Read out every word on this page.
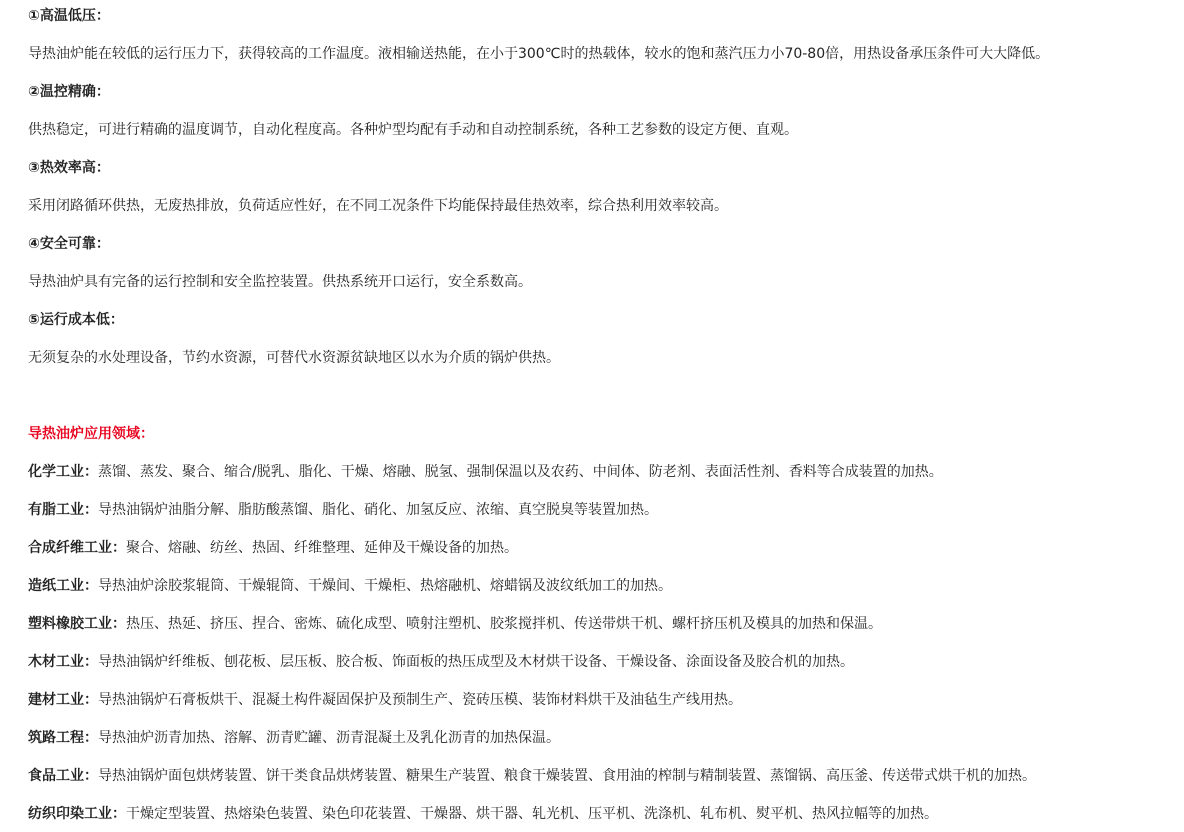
①高温低压：
导热油炉能在较低的运行压力下，获得较高的工作温度。液相输送热能，在小于300℃时的热载体，较水的饱和蒸汽压力小70-80倍，用热设备承压条件可大大降低。
②温控精确：
供热稳定，可进行精确的温度调节，自动化程度高。各种炉型均配有手动和自动控制系统，各种工艺参数的设定方便、直观。
③热效率高：
采用闭路循环供热，无废热排放，负荷适应性好，在不同工况条件下均能保持最佳热效率，综合热利用效率较高。
④安全可靠：
导热油炉具有完备的运行控制和安全监控装置。供热系统开口运行，安全系数高。
⑤运行成本低：
无须复杂的水处理设备，节约水资源，可替代水资源贫缺地区以水为介质的锅炉供热。
导热油炉应用领域：
化学工业：蒸馏、蒸发、聚合、缩合/脱乳、脂化、干燥、熔融、脱氢、强制保温以及农药、中间体、防老剂、表面活性剂、香料等合成装置的加热。
有脂工业：导热油锅炉油脂分解、脂肪酸蒸馏、脂化、硝化、加氢反应、浓缩、真空脱臭等装置加热。
合成纤维工业：聚合、熔融、纺丝、热固、纤维整理、延伸及干燥设备的加热。
造纸工业：导热油炉涂胶浆辊筒、干燥辊筒、干燥间、干燥柜、热熔融机、熔蜡锅及波纹纸加工的加热。
塑料橡胶工业：热压、热延、挤压、捏合、密炼、硫化成型、喷射注塑机、胶浆搅拌机、传送带烘干机、螺杆挤压机及模具的加热和保温。
木材工业：导热油锅炉纤维板、刨花板、层压板、胶合板、饰面板的热压成型及木材烘干设备、干燥设备、涂面设备及胶合机的加热。
建材工业：导热油锅炉石膏板烘干、混凝土构件凝固保护及预制生产、瓷砖压模、装饰材料烘干及油毡生产线用热。
筑路工程：导热油炉沥青加热、溶解、沥青贮罐、沥青混凝土及乳化沥青的加热保温。
食品工业：导热油锅炉面包烘烤装置、饼干类食品烘烤装置、糖果生产装置、粮食干燥装置、食用油的榨制与精制装置、蒸馏锅、高压釜、传送带式烘干机的加热。
纺织印染工业：干燥定型装置、热熔染色装置、染色印花装置、干燥器、烘干器、轧光机、压平机、洗涤机、轧布机、熨平机、热风拉幅等的加热。
